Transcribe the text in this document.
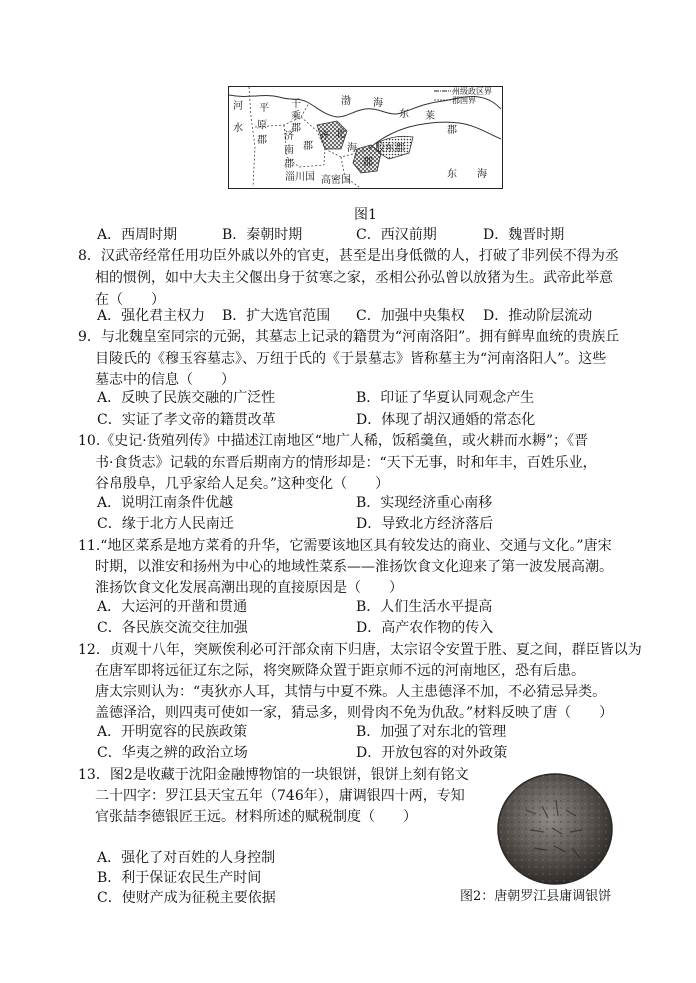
州级政区界
郡国界
河
水
平
原
郡 济
南
郡
千
乘
郡
郡
齐 北
海
渤 海
东 莱
郡
胶东郡
淄川国 高密国
郡
东 海
图1
A．西周时期	B．秦朝时期	C．西汉前期	D．魏晋时期
8．汉武帝经常任用功臣外戚以外的官吏，甚至是出身低微的人，打破了非列侯不得为丞
相的惯例，如中大夫主父偃出身于贫寒之家，丞相公孙弘曾以放猪为生。武帝此举意
在（　　）
A．强化君主权力 B．扩大选官范围 C．加强中央集权 D．推动阶层流动
9．与北魏皇室同宗的元弼，其墓志上记录的籍贯为“河南洛阳”。拥有鲜卑血统的贵族丘
目陵氏的《穆玉容墓志》、万纽于氏的《于景墓志》皆称墓主为“河南洛阳人”。这些
墓志中的信息（　　）
A．反映了民族交融的广泛性	B．印证了华夏认同观念产生
C．实证了孝文帝的籍贯改革	D．体现了胡汉通婚的常态化
10.《史记·货殖列传》中描述江南地区“地广人稀，饭稻羹鱼，或火耕而水耨”；《晋
书·食货志》记载的东晋后期南方的情形却是：“天下无事，时和年丰，百姓乐业，
谷帛殷阜，几乎家给人足矣。”这种变化（　　）
A．说明江南条件优越	B．实现经济重心南移
C．缘于北方人民南迁	D．导致北方经济落后
11.“地区菜系是地方菜肴的升华，它需要该地区具有较发达的商业、交通与文化。”唐宋
时期，以淮安和扬州为中心的地域性菜系——淮扬饮食文化迎来了第一波发展高潮。
淮扬饮食文化发展高潮出现的直接原因是（　　）
A．大运河的开凿和贯通	B．人们生活水平提高
C．各民族交流交往加强	D．高产农作物的传入
12．贞观十八年，突厥俟利必可汗部众南下归唐，太宗诏令安置于胜、夏之间，群臣皆以为
在唐军即将远征辽东之际，将突厥降众置于距京师不远的河南地区，恐有后患。
唐太宗则认为：“夷狄亦人耳，其情与中夏不殊。人主患德泽不加，不必猜忌异类。
盖德泽洽，则四夷可使如一家，猜忌多，则骨肉不免为仇敌。”材料反映了唐（　　）
A．开明宽容的民族政策	B．加强了对东北的管理
C．华夷之辨的政治立场	D．开放包容的对外政策
13．图2是收藏于沈阳金融博物馆的一块银饼，银饼上刻有铭文
二十四字：罗江县天宝五年（746年），庸调银四十两，专知
官张喆李德银匠王远。材料所述的赋税制度（　　）
A．强化了对百姓的人身控制
B．利于保证农民生产时间
C．使财产成为征税主要依据	图2：唐朝罗江县庸调银饼
